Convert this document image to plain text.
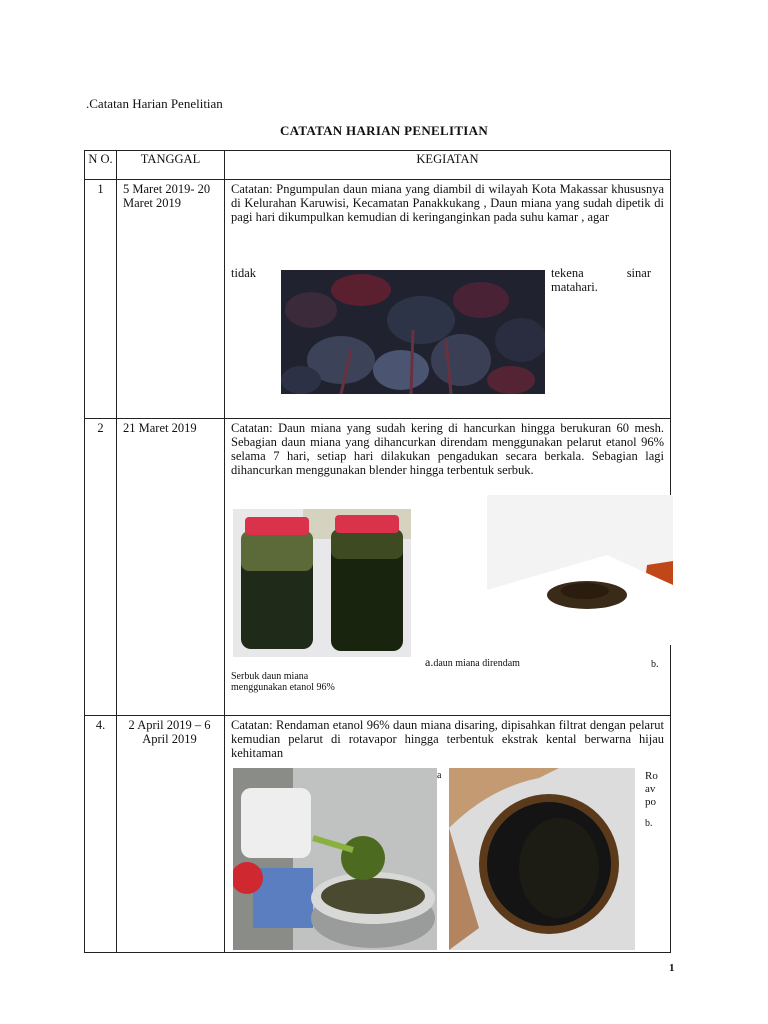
.Catatan Harian Penelitian
CATATAN HARIAN PENELITIAN
N O.	TANGGAL	KEGIATAN
1	5 Maret 2019- 20 Maret 2019	Catatan: Pngumpulan daun miana yang diambil di wilayah Kota Makassar khususnya di Kelurahan Karuwisi, Kecamatan Panakkukang , Daun miana yang sudah dipetik di pagi hari dikumpulkan kemudian di keringanginkan pada suhu kamar , agar
tidak tekena sinar matahari.

2	21 Maret 2019	Catatan: Daun miana yang sudah kering di hancurkan hingga berukuran 60 mesh. Sebagian daun miana yang dihancurkan direndam menggunakan pelarut etanol 96% selama 7 hari, setiap hari dilakukan pengadukan secara berkala. Sebagian lagi dihancurkan menggunakan blender hingga terbentuk serbuk.
a.daun miana direndam b.
Serbuk daun miana menggunakan etanol 96%

4.	2 April 2019 – 6 April 2019	Catatan: Rendaman etanol 96% daun miana disaring, dipisahkan filtrat dengan pelarut kemudian pelarut di rotavapor hingga terbentuk ekstrak kental berwarna hijau kehitaman
Ro av po
b.
a
1
